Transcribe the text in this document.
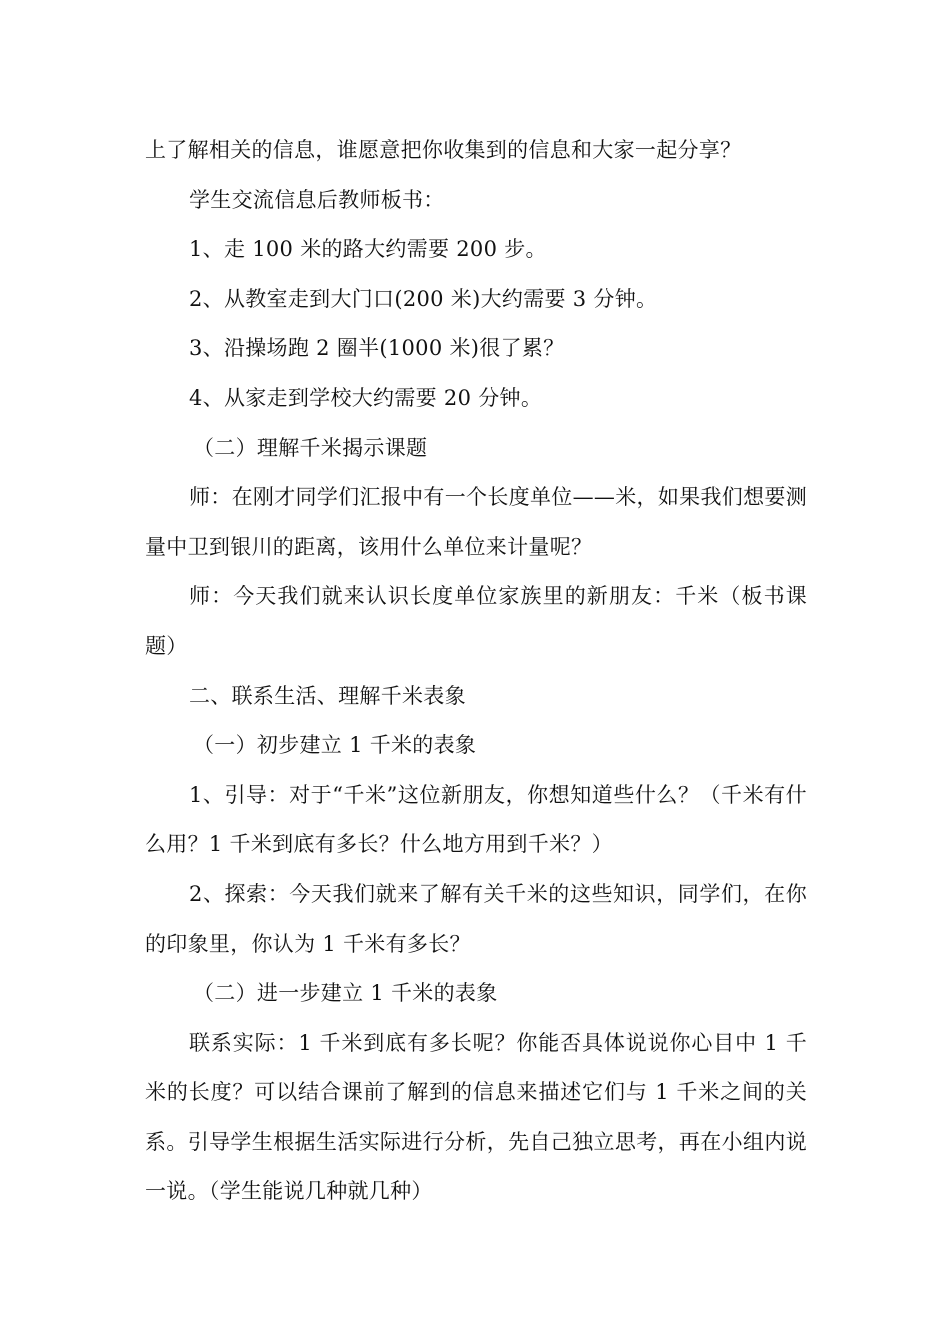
上了解相关的信息，谁愿意把你收集到的信息和大家一起分享？

学生交流信息后教师板书：

1、走 100 米的路大约需要 200 步。

2、从教室走到大门口(200 米)大约需要 3 分钟。

3、沿操场跑 2 圈半(1000 米)很了累？

4、从家走到学校大约需要 20 分钟。

（二）理解千米揭示课题

师：在刚才同学们汇报中有一个长度单位——米，如果我们想要测量中卫到银川的距离，该用什么单位来计量呢？

师：今天我们就来认识长度单位家族里的新朋友：千米（板书课题）

二、联系生活、理解千米表象

（一）初步建立 1 千米的表象

1、引导：对于“千米”这位新朋友，你想知道些什么？（千米有什么用？1 千米到底有多长？什么地方用到千米？）

2、探索：今天我们就来了解有关千米的这些知识，同学们，在你的印象里，你认为 1 千米有多长？

（二）进一步建立 1 千米的表象

联系实际：1 千米到底有多长呢？你能否具体说说你心目中 1 千米的长度？可以结合课前了解到的信息来描述它们与 1 千米之间的关系。引导学生根据生活实际进行分析，先自己独立思考，再在小组内说一说。（学生能说几种就几种）
